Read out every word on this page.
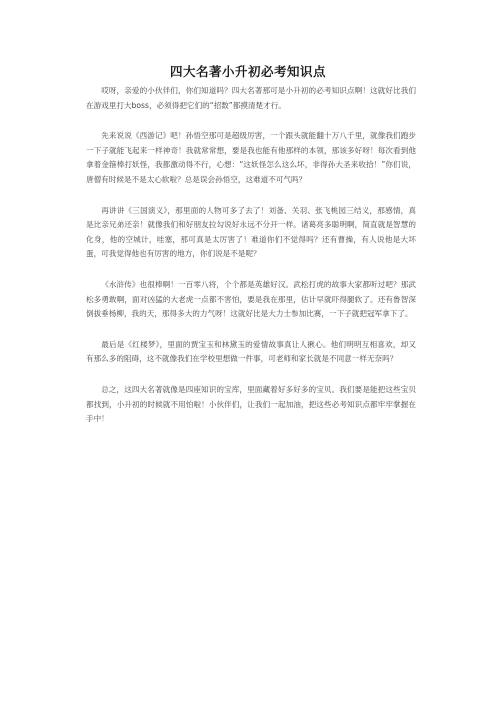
四大名著小升初必考知识点

哎呀，亲爱的小伙伴们，你们知道吗？四大名著那可是小升初的必考知识点啊！这就好比我们在游戏里打大boss，必须得把它们的“招数”都摸清楚才行。

先来说说《西游记》吧！孙悟空那可是超级厉害，一个跟头就能翻十万八千里，就像我们跑步一下子就能飞起来一样神奇！我就常常想，要是我也能有他那样的本领，那该多好呀！每次看到他拿着金箍棒打妖怪，我都激动得不行，心想：“这妖怪怎么这么坏，非得孙大圣来收拾！”你们说，唐僧有时候是不是太心软啦？总是误会孙悟空，这难道不可气吗？

再讲讲《三国演义》，那里面的人物可多了去了！刘备、关羽、张飞桃园三结义，那感情，真是比亲兄弟还亲！就像我们和好朋友拉勾说好永远不分开一样。诸葛亮多聪明啊，简直就是智慧的化身，他的空城计，哇塞，那可真是太厉害了！难道你们不觉得吗？还有曹操，有人说他是大坏蛋，可我觉得他也有厉害的地方，你们说是不是呢？

《水浒传》也很棒啊！一百零八将，个个都是英雄好汉。武松打虎的故事大家都听过吧？那武松多勇敢啊，面对凶猛的大老虎一点都不害怕，要是我在那里，估计早就吓得腿软了。还有鲁智深倒拔垂杨柳，我的天，那得多大的力气呀！这就好比是大力士参加比赛，一下子就把冠军拿下了。

最后是《红楼梦》，里面的贾宝玉和林黛玉的爱情故事真让人揪心。他们明明互相喜欢，却又有那么多的阻碍，这不就像我们在学校里想做一件事，可老师和家长就是不同意一样无奈吗？

总之，这四大名著就像是四座知识的宝库，里面藏着好多好多的宝贝。我们要是能把这些宝贝都找到，小升初的时候就不用怕啦！小伙伴们，让我们一起加油，把这些必考知识点都牢牢掌握在手中！
